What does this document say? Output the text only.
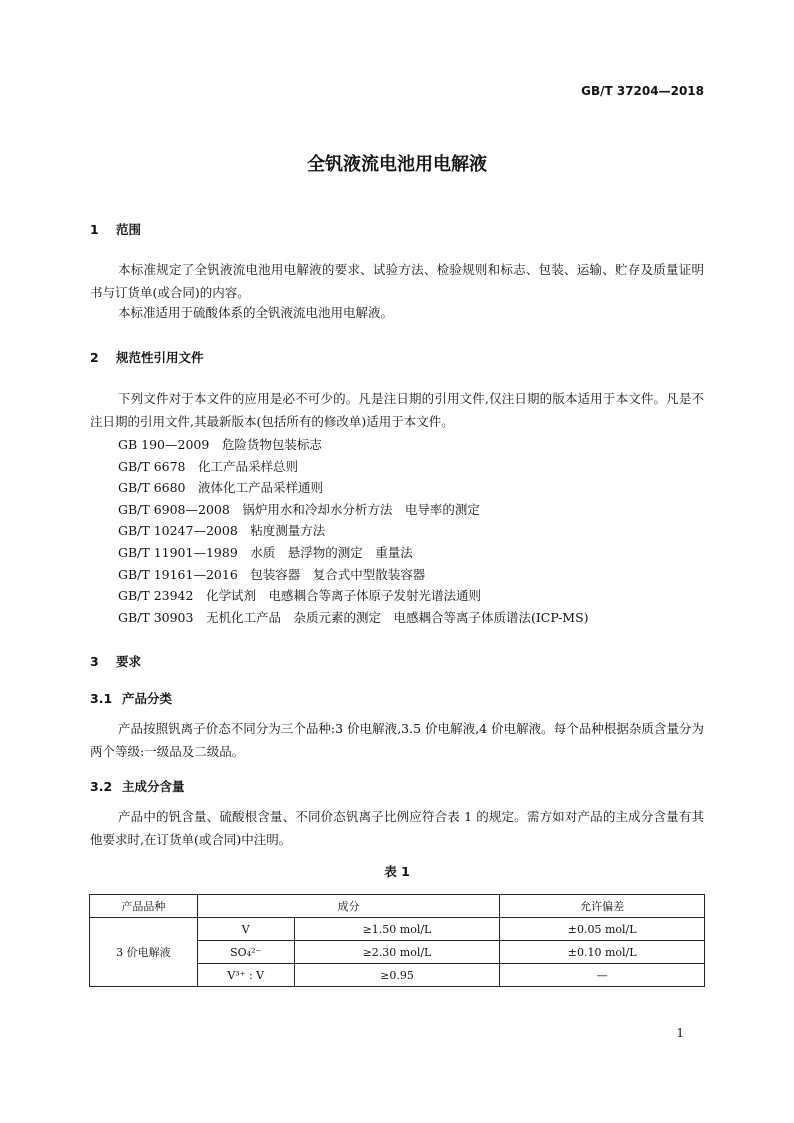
GB/T 37204—2018
全钒液流电池用电解液
1 范围
本标准规定了全钒液流电池用电解液的要求、试验方法、检验规则和标志、包装、运输、贮存及质量证明书与订货单(或合同)的内容。
本标准适用于硫酸体系的全钒液流电池用电解液。
2 规范性引用文件
下列文件对于本文件的应用是必不可少的。凡是注日期的引用文件,仅注日期的版本适用于本文件。凡是不注日期的引用文件,其最新版本(包括所有的修改单)适用于本文件。
GB 190—2009　危险货物包装标志
GB/T 6678　化工产品采样总则
GB/T 6680　液体化工产品采样通则
GB/T 6908—2008　锅炉用水和冷却水分析方法　电导率的测定
GB/T 10247—2008　粘度测量方法
GB/T 11901—1989　水质　悬浮物的测定　重量法
GB/T 19161—2016　包装容器　复合式中型散装容器
GB/T 23942　化学试剂　电感耦合等离子体原子发射光谱法通则
GB/T 30903　无机化工产品　杂质元素的测定　电感耦合等离子体质谱法(ICP-MS)
3 要求
3.1 产品分类
产品按照钒离子价态不同分为三个品种:3 价电解液,3.5 价电解液,4 价电解液。每个品种根据杂质含量分为两个等级:一级品及二级品。
3.2 主成分含量
产品中的钒含量、硫酸根含量、不同价态钒离子比例应符合表 1 的规定。需方如对产品的主成分含量有其他要求时,在订货单(或合同)中注明。
表 1
产品品种	成分		允许偏差
3 价电解液	V	≥1.50 mol/L	±0.05 mol/L
	SO₄²⁻	≥2.30 mol/L	±0.10 mol/L
	V³⁺ : V	≥0.95	—
1
